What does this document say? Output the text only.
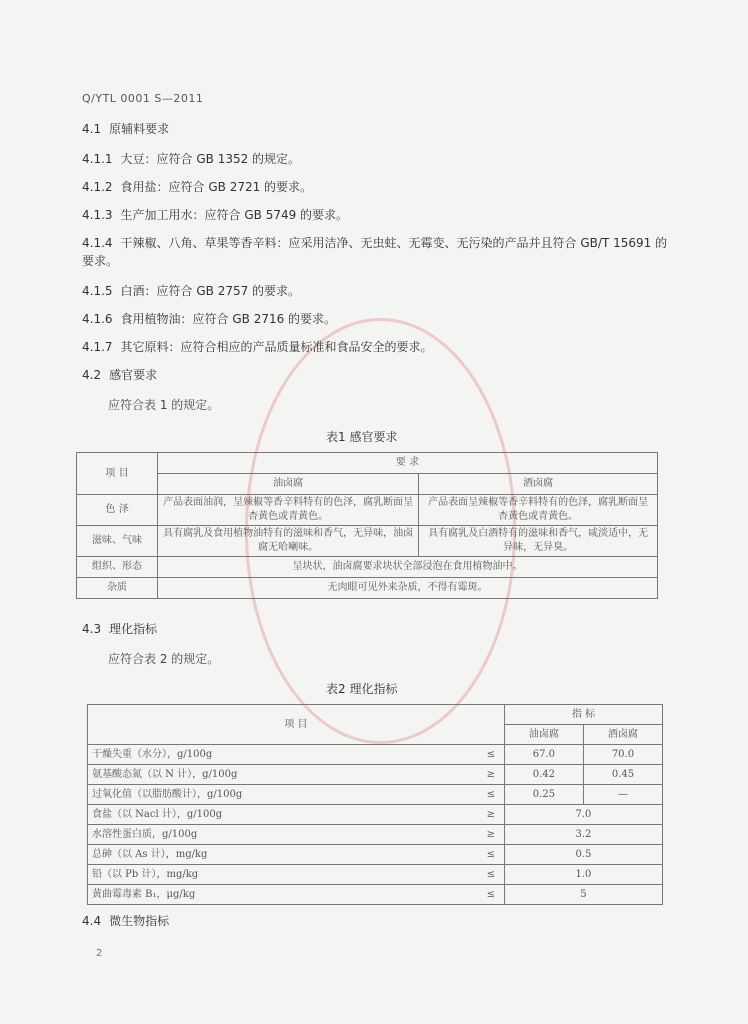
Q/YTL 0001 S—2011
4.1 原辅料要求
4.1.1 大豆：应符合 GB 1352 的规定。
4.1.2 食用盐：应符合 GB 2721 的要求。
4.1.3 生产加工用水：应符合 GB 5749 的要求。
4.1.4 干辣椒、八角、草果等香辛料：应采用洁净、无虫蛀、无霉变、无污染的产品并且符合 GB/T 15691 的要求。
4.1.5 白酒：应符合 GB 2757 的要求。
4.1.6 食用植物油：应符合 GB 2716 的要求。
4.1.7 其它原料：应符合相应的产品质量标准和食品安全的要求。
4.2 感官要求
应符合表 1 的规定。
表1 感官要求
项 目	要 求	
	油卤腐	酒卤腐
色 泽	产品表面油润，呈辣椒等香辛料特有的色泽，腐乳断面呈杏黄色或青黄色。	产品表面呈辣椒等香辛料特有的色泽，腐乳断面呈杏黄色或青黄色。
滋味、气味	具有腐乳及食用植物油特有的滋味和香气，无异味，油卤腐无哈喇味。	具有腐乳及白酒特有的滋味和香气，咸淡适中，无异味，无异臭。
组织、形态	呈块状，油卤腐要求块状全部浸泡在食用植物油中。	
杂质	无肉眼可见外来杂质，不得有霉斑。	
4.3 理化指标
应符合表 2 的规定。
表2 理化指标
项 目		指 标	
		油卤腐	酒卤腐
干燥失重（水分），g/100g	≤	67.0	70.0
氨基酸态氮（以 N 计），g/100g	≥	0.42	0.45
过氧化值（以脂肪酸计），g/100g	≤	0.25	—
食盐（以 Nacl 计），g/100g	≥	7.0	
水溶性蛋白质，g/100g	≥	3.2	
总砷（以 As 计），mg/kg	≤	0.5	
铅（以 Pb 计），mg/kg	≤	1.0	
黄曲霉毒素 B₁，μg/kg	≤	5	
4.4 微生物指标
2
